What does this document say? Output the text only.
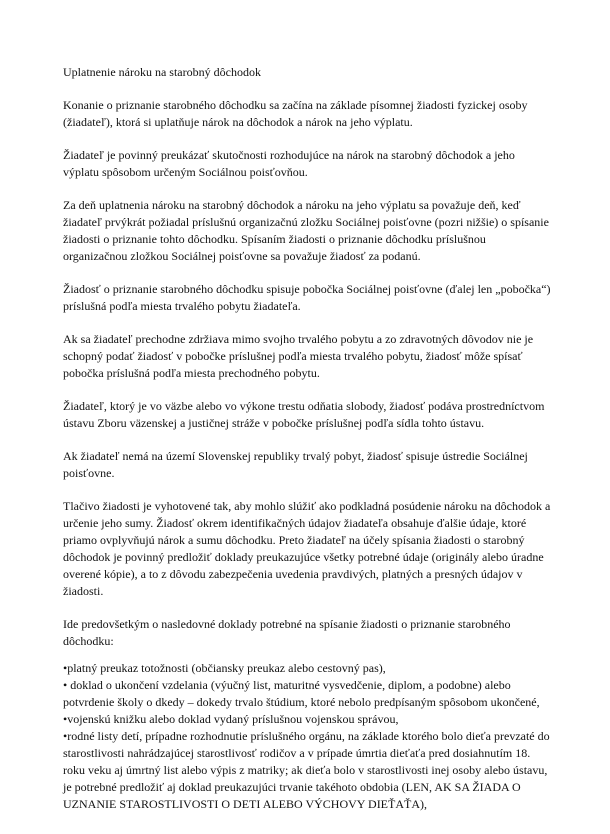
Uplatnenie nároku na starobný dôchodok

Konanie o priznanie starobného dôchodku sa začína na základe písomnej žiadosti fyzickej osoby (žiadateľ), ktorá si uplatňuje nárok na dôchodok a nárok na jeho výplatu.

Žiadateľ je povinný preukázať skutočnosti rozhodujúce na nárok na starobný dôchodok a jeho výplatu spôsobom určeným Sociálnou poisťovňou.

Za deň uplatnenia nároku na starobný dôchodok a nároku na jeho výplatu sa považuje deň, keď žiadateľ prvýkrát požiadal príslušnú organizačnú zložku Sociálnej poisťovne (pozri nižšie) o spísanie žiadosti o priznanie tohto dôchodku. Spísaním žiadosti o priznanie dôchodku príslušnou organizačnou zložkou Sociálnej poisťovne sa považuje žiadosť za podanú.

Žiadosť o priznanie starobného dôchodku spisuje pobočka Sociálnej poisťovne (ďalej len „pobočka“) príslušná podľa miesta trvalého pobytu žiadateľa.

Ak sa žiadateľ prechodne zdržiava mimo svojho trvalého pobytu a zo zdravotných dôvodov nie je schopný podať žiadosť v pobočke príslušnej podľa miesta trvalého pobytu, žiadosť môže spísať pobočka príslušná podľa miesta prechodného pobytu.

Žiadateľ, ktorý je vo väzbe alebo vo výkone trestu odňatia slobody, žiadosť podáva prostredníctvom ústavu Zboru väzenskej a justičnej stráže v pobočke príslušnej podľa sídla tohto ústavu.

Ak žiadateľ nemá na území Slovenskej republiky trvalý pobyt, žiadosť spisuje ústredie Sociálnej poisťovne.

Tlačivo žiadosti je vyhotovené tak, aby mohlo slúžiť ako podkladná posúdenie nároku na dôchodok a určenie jeho sumy. Žiadosť okrem identifikačných údajov žiadateľa obsahuje ďalšie údaje, ktoré priamo ovplyvňujú nárok a sumu dôchodku. Preto žiadateľ na účely spísania žiadosti o starobný dôchodok je povinný predložiť doklady preukazujúce všetky potrebné údaje (originály alebo úradne overené kópie), a to z dôvodu zabezpečenia uvedenia pravdivých, platných a presných údajov v žiadosti.

Ide predovšetkým o nasledovné doklady potrebné na spísanie žiadosti o priznanie starobného dôchodku:

•platný preukaz totožnosti (občiansky preukaz alebo cestovný pas),
• doklad o ukončení vzdelania (výučný list, maturitné vysvedčenie, diplom, a podobne) alebo potvrdenie školy o dkedy – dokedy trvalo štúdium, ktoré nebolo predpísaným spôsobom ukončené,
•vojenskú knižku alebo doklad vydaný príslušnou vojenskou správou,
•rodné listy detí, prípadne rozhodnutie príslušného orgánu, na základe ktorého bolo dieťa prevzaté do starostlivosti nahrádzajúcej starostlivosť rodičov a v prípade úmrtia dieťaťa pred dosiahnutím 18. roku veku aj úmrtný list alebo výpis z matriky; ak dieťa bolo v starostlivosti inej osoby alebo ústavu, je potrebné predložiť aj doklad preukazujúci trvanie takéhoto obdobia (LEN, AK SA ŽIADA O UZNANIE STAROSTLIVOSTI O DETI ALEBO VÝCHOVY DIEŤAŤA),
